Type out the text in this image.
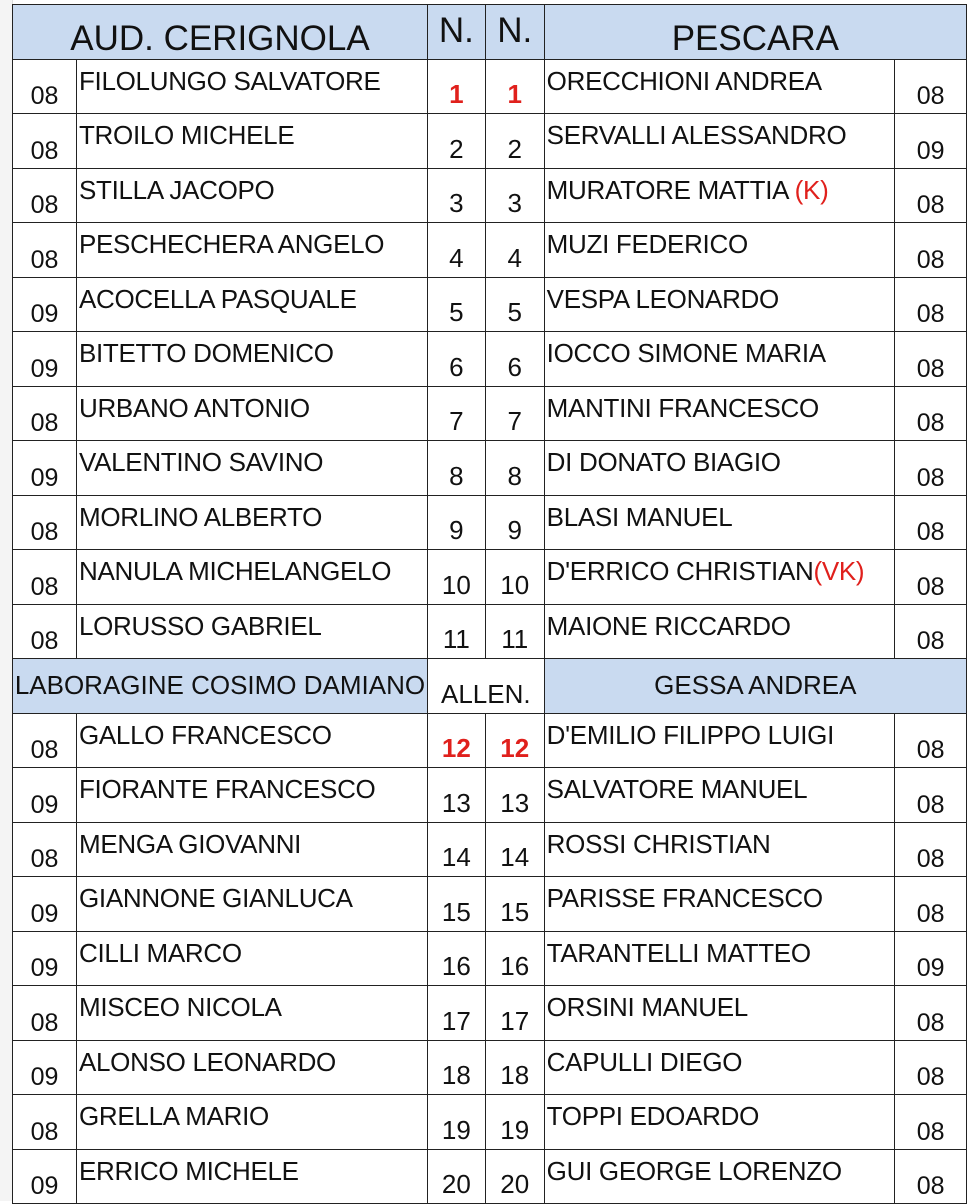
AUD. CERIGNOLA		N.	N.	PESCARA	
08	FILOLUNGO SALVATORE	1	1	ORECCHIONI ANDREA	08
08	TROILO MICHELE	2	2	SERVALLI ALESSANDRO	09
08	STILLA JACOPO	3	3	MURATORE MATTIA (K)	08
08	PESCHECHERA ANGELO	4	4	MUZI FEDERICO	08
09	ACOCELLA PASQUALE	5	5	VESPA LEONARDO	08
09	BITETTO DOMENICO	6	6	IOCCO SIMONE MARIA	08
08	URBANO ANTONIO	7	7	MANTINI FRANCESCO	08
09	VALENTINO SAVINO	8	8	DI DONATO BIAGIO	08
08	MORLINO ALBERTO	9	9	BLASI MANUEL	08
08	NANULA MICHELANGELO	10	10	D'ERRICO CHRISTIAN(VK)	08
08	LORUSSO GABRIEL	11	11	MAIONE RICCARDO	08
LABORAGINE COSIMO DAMIANO		ALLEN.		GESSA ANDREA	
08	GALLO FRANCESCO	12	12	D'EMILIO FILIPPO LUIGI	08
09	FIORANTE FRANCESCO	13	13	SALVATORE MANUEL	08
08	MENGA GIOVANNI	14	14	ROSSI CHRISTIAN	08
09	GIANNONE GIANLUCA	15	15	PARISSE FRANCESCO	08
09	CILLI MARCO	16	16	TARANTELLI MATTEO	09
08	MISCEO NICOLA	17	17	ORSINI MANUEL	08
09	ALONSO LEONARDO	18	18	CAPULLI DIEGO	08
08	GRELLA MARIO	19	19	TOPPI EDOARDO	08
09	ERRICO MICHELE	20	20	GUI GEORGE LORENZO	08
